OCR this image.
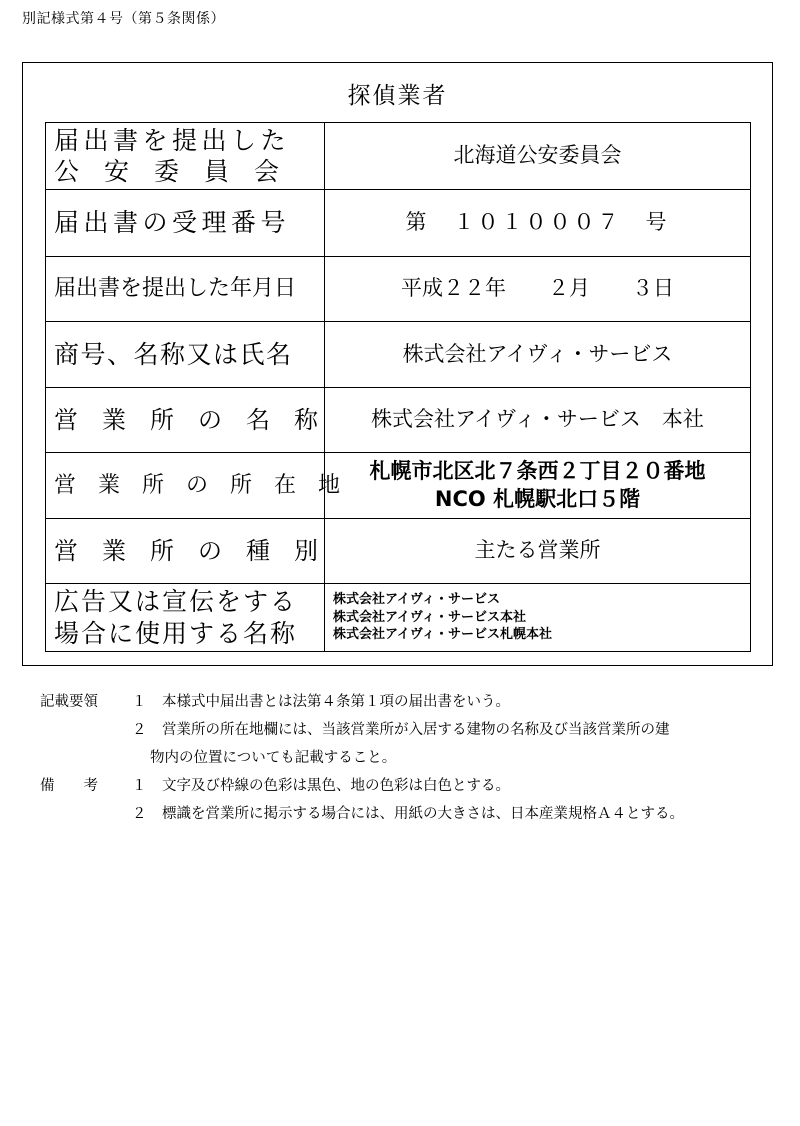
別記様式第４号（第５条関係）
探偵業者
届出書を提出した
公　安　委　員　会	北海道公安委員会

届出書の受理番号	第　１０１０００７　号

届出書を提出した年月日	平成２２年　　２月　　３日

商号、名称又は氏名	株式会社アイヴィ・サービス

営　業　所　の　名　称	株式会社アイヴィ・サービス　本社

営　業　所　の　所　在　地	札幌市北区北７条西２丁目２０番地
NCO 札幌駅北口５階

営　業　所　の　種　別	主たる営業所

広告又は宣伝をする
場合に使用する名称	株式会社アイヴィ・サービス
株式会社アイヴィ・サービス本社
株式会社アイヴィ・サービス札幌本社
記載要領 １ 本様式中届出書とは法第４条第１項の届出書をいう。
２ 営業所の所在地欄には、当該営業所が入居する建物の名称及び当該営業所の建
物内の位置についても記載すること。
備　　考 １ 文字及び枠線の色彩は黒色、地の色彩は白色とする。
２ 標識を営業所に掲示する場合には、用紙の大きさは、日本産業規格Ａ４とする。
